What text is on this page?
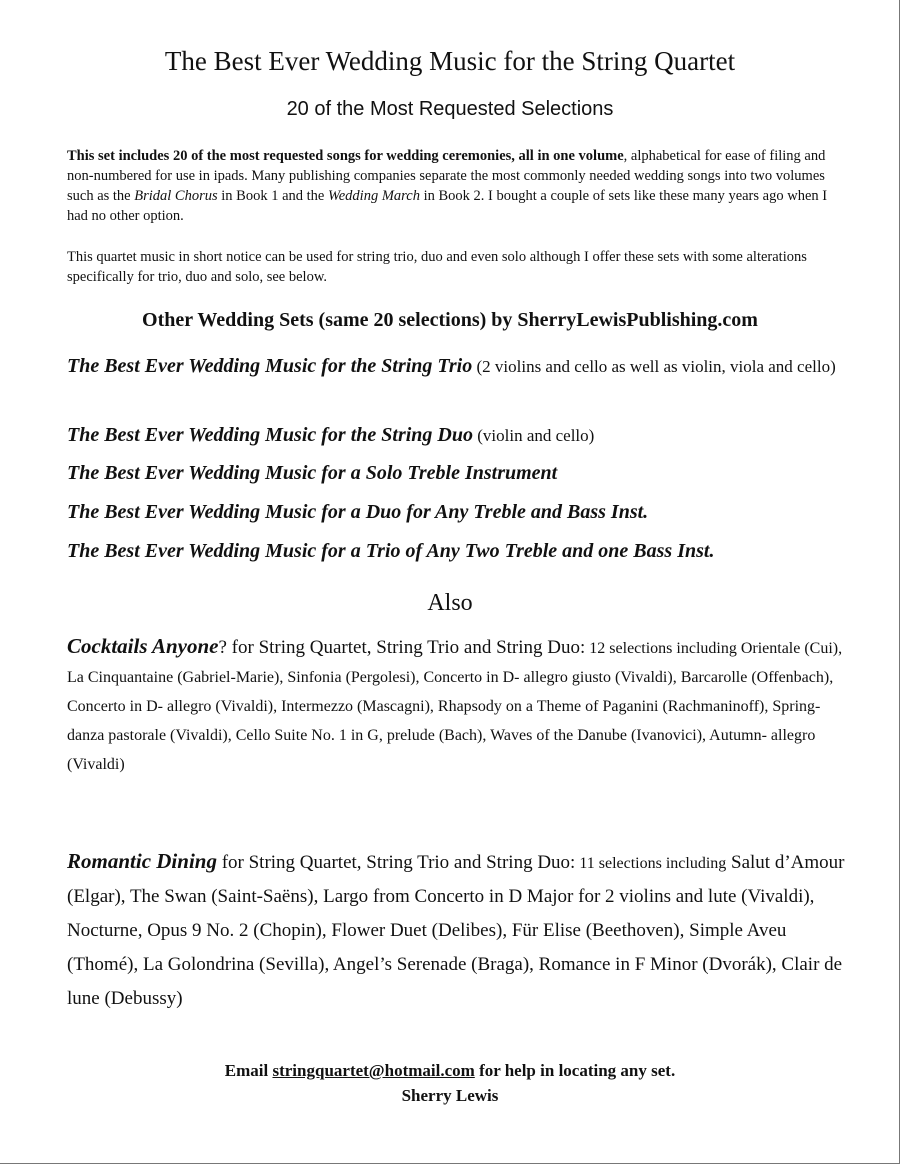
The Best Ever Wedding Music for the String Quartet
20 of the Most Requested Selections
This set includes 20 of the most requested songs for wedding ceremonies, all in one volume, alphabetical for ease of filing and non-numbered for use in ipads. Many publishing companies separate the most commonly needed wedding songs into two volumes such as the Bridal Chorus in Book 1 and the Wedding March in Book 2. I bought a couple of sets like these many years ago when I had no other option.
This quartet music in short notice can be used for string trio, duo and even solo although I offer these sets with some alterations specifically for trio, duo and solo, see below.
Other Wedding Sets (same 20 selections) by SherryLewisPublishing.com
The Best Ever Wedding Music for the String Trio (2 violins and cello as well as violin, viola and cello)
The Best Ever Wedding Music for the String Duo (violin and cello)
The Best Ever Wedding Music for a Solo Treble Instrument
The Best Ever Wedding Music for a Duo for Any Treble and Bass Inst.
The Best Ever Wedding Music for a Trio of Any Two Treble and one Bass Inst.
Also
Cocktails Anyone? for String Quartet, String Trio and String Duo: 12 selections including Orientale (Cui), La Cinquantaine (Gabriel-Marie), Sinfonia (Pergolesi), Concerto in D- allegro giusto (Vivaldi), Barcarolle (Offenbach), Concerto in D- allegro (Vivaldi), Intermezzo (Mascagni), Rhapsody on a Theme of Paganini (Rachmaninoff), Spring- danza pastorale (Vivaldi), Cello Suite No. 1 in G, prelude (Bach), Waves of the Danube (Ivanovici), Autumn- allegro (Vivaldi)
Romantic Dining for String Quartet, String Trio and String Duo: 11 selections including Salut d’Amour (Elgar), The Swan (Saint-Saëns), Largo from Concerto in D Major for 2 violins and lute (Vivaldi), Nocturne, Opus 9 No. 2 (Chopin), Flower Duet (Delibes), Für Elise (Beethoven), Simple Aveu (Thomé), La Golondrina (Sevilla), Angel’s Serenade (Braga), Romance in F Minor (Dvorák), Clair de lune (Debussy)
Email stringquartet@hotmail.com for help in locating any set.
Sherry Lewis
